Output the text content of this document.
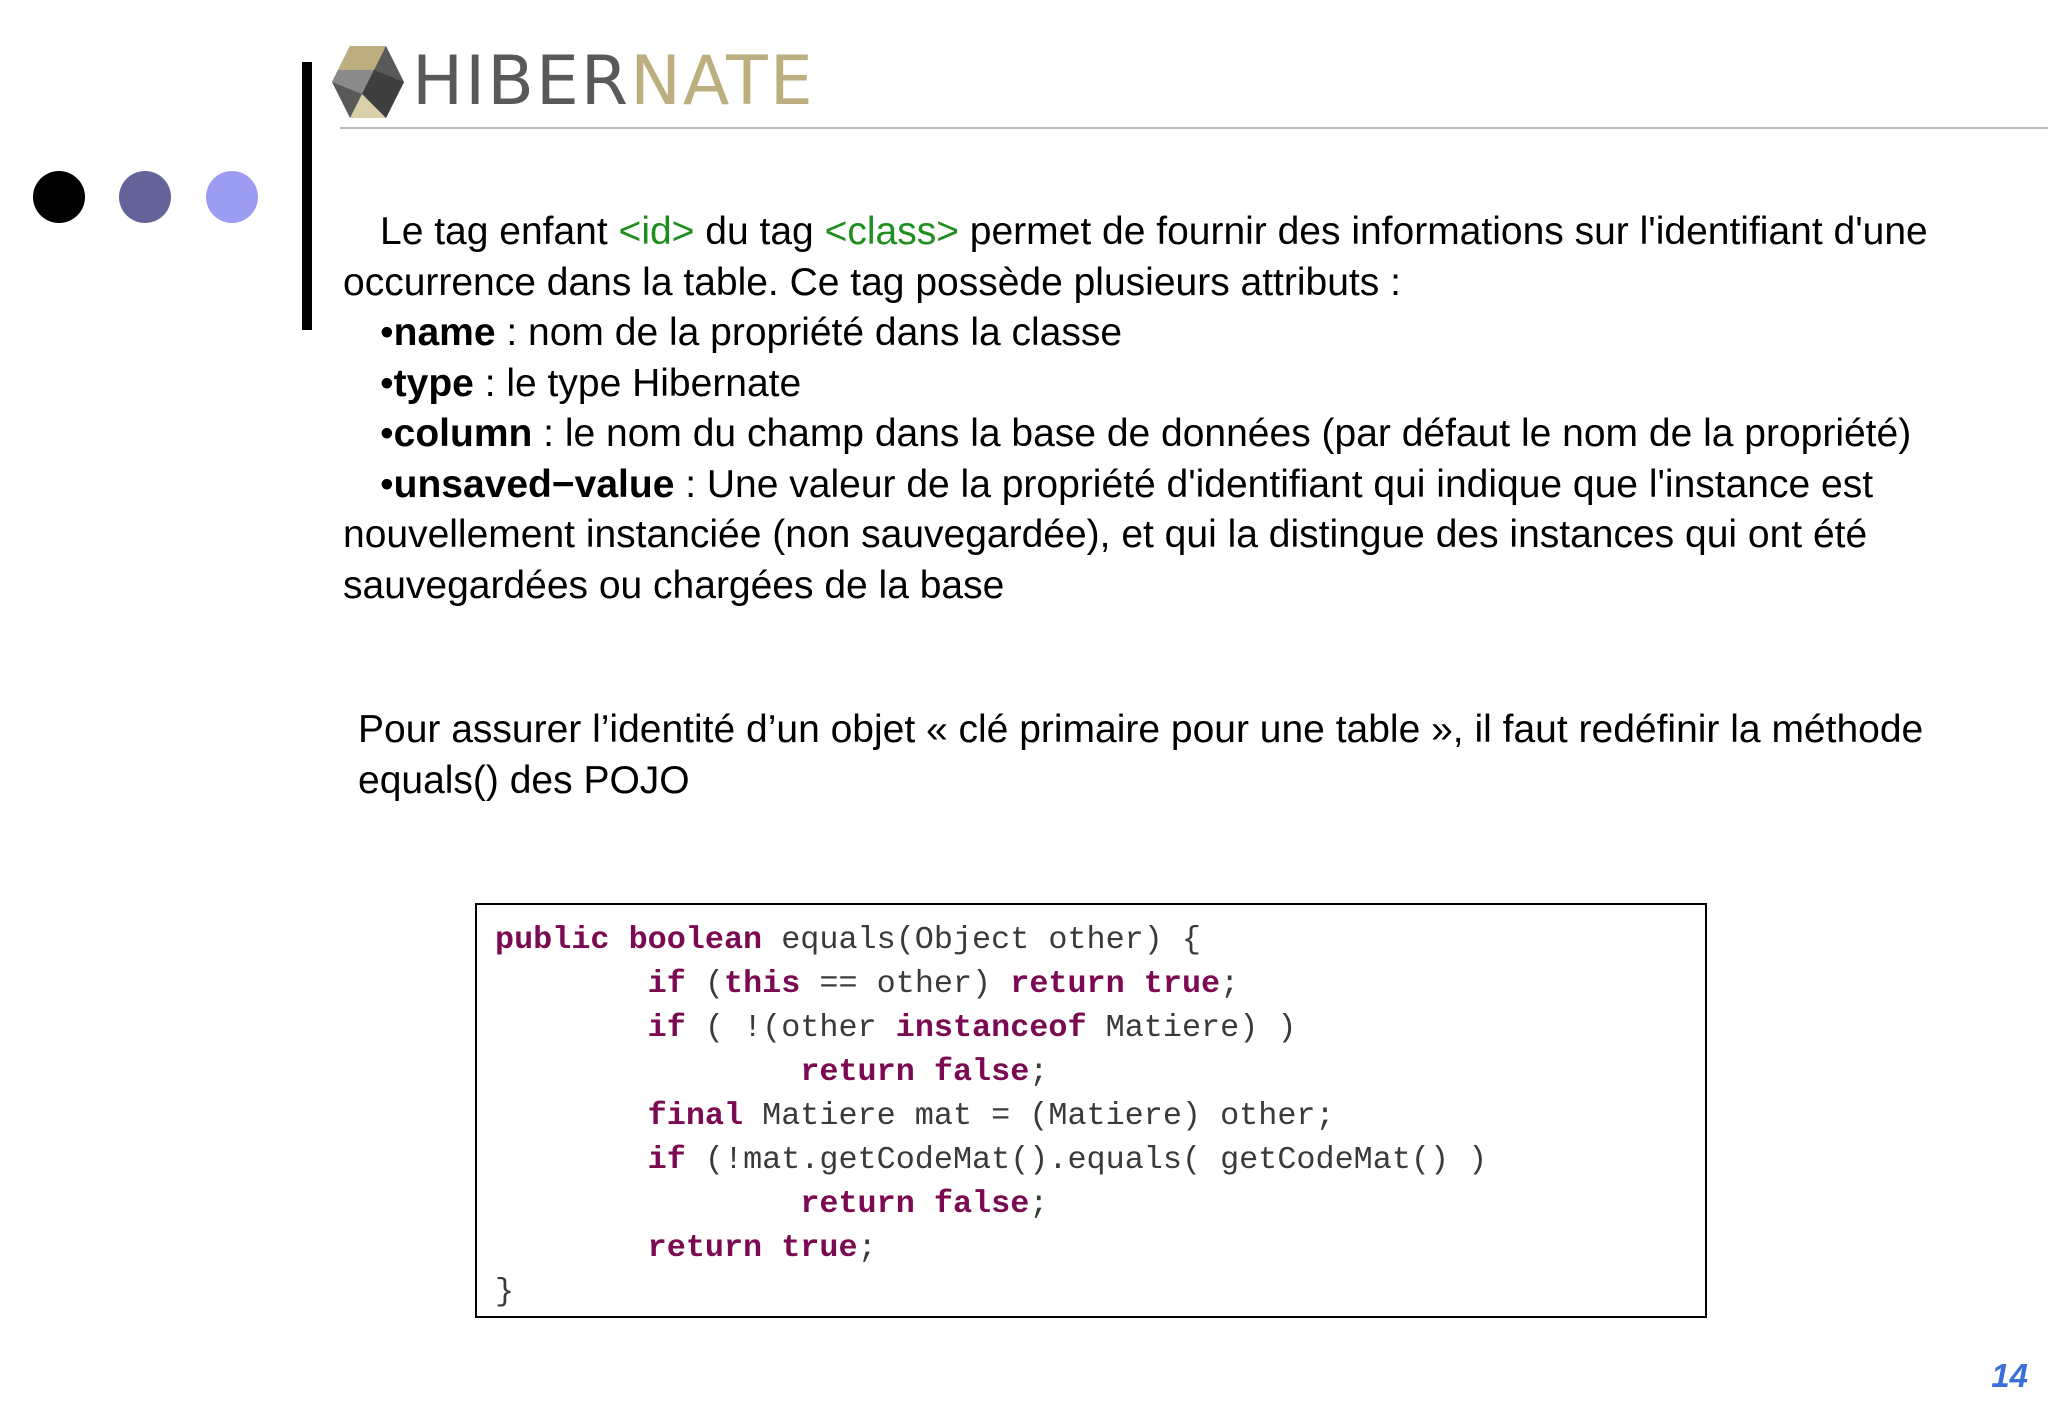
HIBERNATE

Le tag enfant <id> du tag <class> permet de fournir des informations sur l'identifiant d'une occurrence dans la table. Ce tag possède plusieurs attributs :

•name : nom de la propriété dans la classe

•type : le type Hibernate

•column : le nom du champ dans la base de données (par défaut le nom de la propriété)

•unsaved−value : Une valeur de la propriété d'identifiant qui indique que l'instance est nouvellement instanciée (non sauvegardée), et qui la distingue des instances qui ont été sauvegardées ou chargées de la base

Pour assurer l’identité d’un objet « clé primaire pour une table », il faut redéfinir la méthode equals() des POJO
public boolean equals(Object other) {
if (this == other) return true;
if ( !(other instanceof Matiere) )
return false;
final Matiere mat = (Matiere) other;
if (!mat.getCodeMat().equals( getCodeMat() )
return false;
return true;
}
14
